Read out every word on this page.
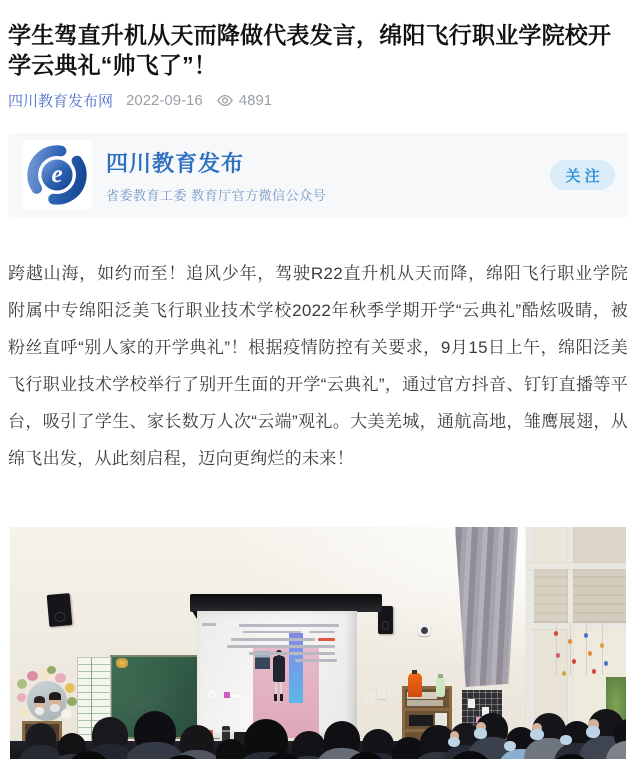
学生驾直升机从天而降做代表发言，绵阳飞行职业学院校开学云典礼“帅飞了”！
四川教育发布网 2022-09-16 4891
e	四川教育发布
省委教育工委 教育厅官方微信公众号
关 注

跨越山海，如约而至！追风少年，驾驶R22直升机从天而降，绵阳飞行职业学院附属中专绵阳泛美飞行职业技术学校2022年秋季学期开学“云典礼”酷炫吸睛，被粉丝直呼“别人家的开学典礼”！根据疫情防控有关要求，9月15日上午，绵阳泛美飞行职业技术学校举行了别开生面的开学“云典礼”，通过官方抖音、钉钉直播等平台，吸引了学生、家长数万人次“云端”观礼。大美羌城，通航高地，雏鹰展翅，从绵飞出发，从此刻启程，迈向更绚烂的未来！
